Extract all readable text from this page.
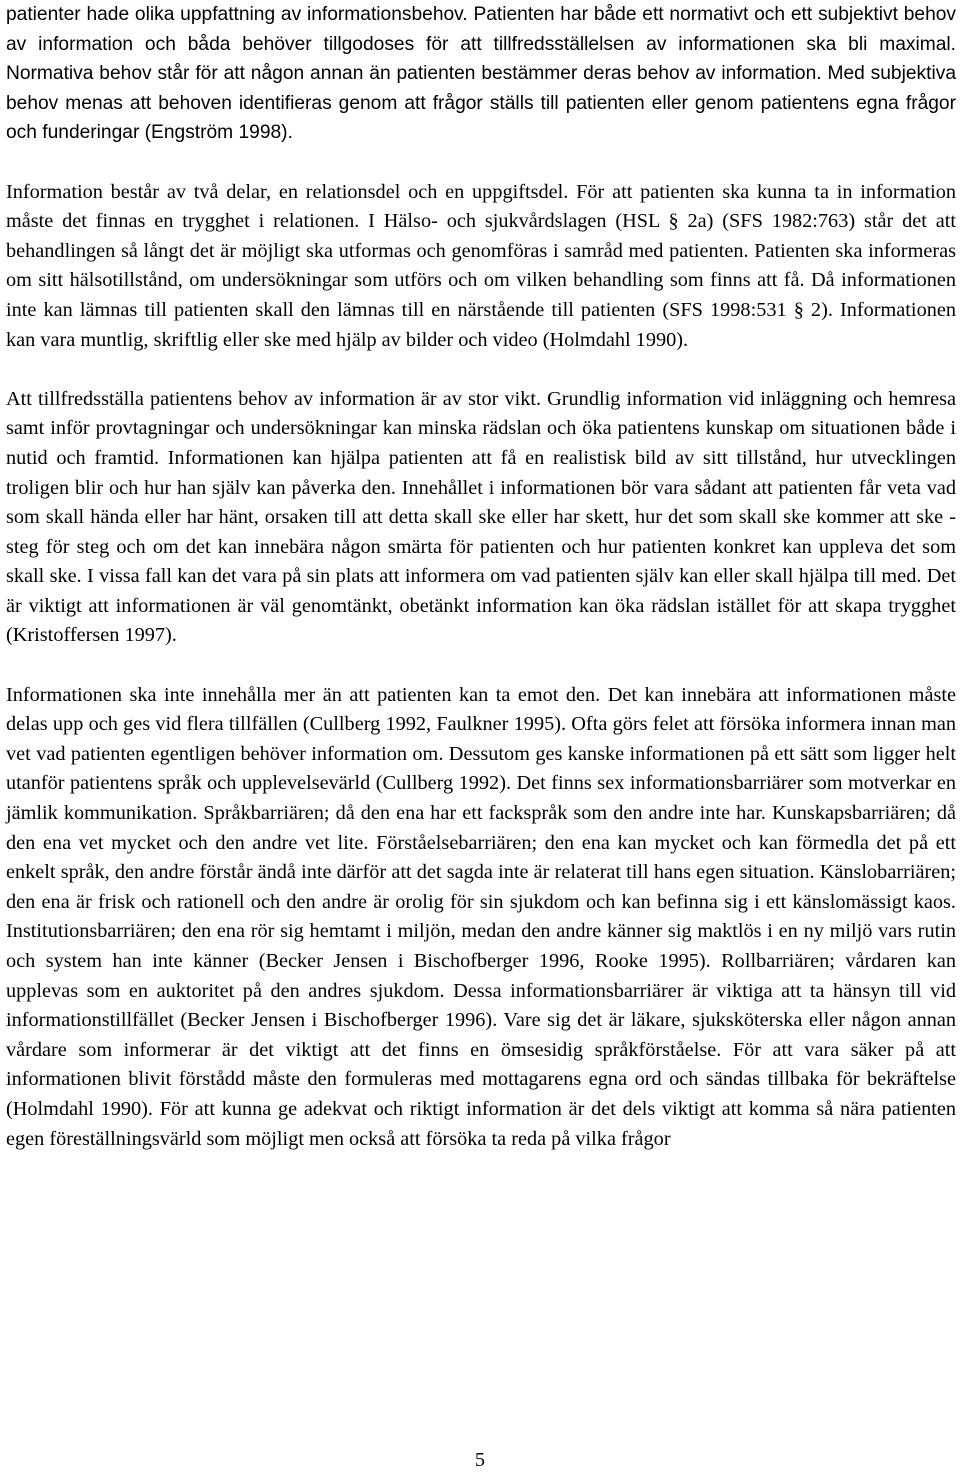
patienter hade olika uppfattning av informationsbehov. Patienten har både ett normativt och ett subjektivt behov av information och båda behöver tillgodoses för att tillfredsställelsen av informationen ska bli maximal. Normativa behov står för att någon annan än patienten bestämmer deras behov av information. Med subjektiva behov menas att behoven identifieras genom att frågor ställs till patienten eller genom patientens egna frågor och funderingar (Engström 1998).

Information består av två delar, en relationsdel och en uppgiftsdel. För att patienten ska kunna ta in information måste det finnas en trygghet i relationen. I Hälso- och sjukvårdslagen (HSL § 2a) (SFS 1982:763) står det att behandlingen så långt det är möjligt ska utformas och genomföras i samråd med patienten. Patienten ska informeras om sitt hälsotillstånd, om undersökningar som utförs och om vilken behandling som finns att få. Då informationen inte kan lämnas till patienten skall den lämnas till en närstående till patienten (SFS 1998:531 § 2). Informationen kan vara muntlig, skriftlig eller ske med hjälp av bilder och video (Holmdahl 1990).

Att tillfredsställa patientens behov av information är av stor vikt. Grundlig information vid inläggning och hemresa samt inför provtagningar och undersökningar kan minska rädslan och öka patientens kunskap om situationen både i nutid och framtid. Informationen kan hjälpa patienten att få en realistisk bild av sitt tillstånd, hur utvecklingen troligen blir och hur han själv kan påverka den. Innehållet i informationen bör vara sådant att patienten får veta vad som skall hända eller har hänt, orsaken till att detta skall ske eller har skett, hur det som skall ske kommer att ske - steg för steg och om det kan innebära någon smärta för patienten och hur patienten konkret kan uppleva det som skall ske. I vissa fall kan det vara på sin plats att informera om vad patienten själv kan eller skall hjälpa till med. Det är viktigt att informationen är väl genomtänkt, obetänkt information kan öka rädslan istället för att skapa trygghet (Kristoffersen 1997).

Informationen ska inte innehålla mer än att patienten kan ta emot den. Det kan innebära att informationen måste delas upp och ges vid flera tillfällen (Cullberg 1992, Faulkner 1995). Ofta görs felet att försöka informera innan man vet vad patienten egentligen behöver information om. Dessutom ges kanske informationen på ett sätt som ligger helt utanför patientens språk och upplevelsevärld (Cullberg 1992). Det finns sex informationsbarriärer som motverkar en jämlik kommunikation. Språkbarriären; då den ena har ett fackspråk som den andre inte har. Kunskapsbarriären; då den ena vet mycket och den andre vet lite. Förståelsebarriären; den ena kan mycket och kan förmedla det på ett enkelt språk, den andre förstår ändå inte därför att det sagda inte är relaterat till hans egen situation. Känslobarriären; den ena är frisk och rationell och den andre är orolig för sin sjukdom och kan befinna sig i ett känslomässigt kaos. Institutionsbarriären; den ena rör sig hemtamt i miljön, medan den andre känner sig maktlös i en ny miljö vars rutin och system han inte känner (Becker Jensen i Bischofberger 1996, Rooke 1995). Rollbarriären; vårdaren kan upplevas som en auktoritet på den andres sjukdom. Dessa informationsbarriärer är viktiga att ta hänsyn till vid informationstillfället (Becker Jensen i Bischofberger 1996). Vare sig det är läkare, sjuksköterska eller någon annan vårdare som informerar är det viktigt att det finns en ömsesidig språkförståelse. För att vara säker på att informationen blivit förstådd måste den formuleras med mottagarens egna ord och sändas tillbaka för bekräftelse (Holmdahl 1990). För att kunna ge adekvat och riktigt information är det dels viktigt att komma så nära patienten egen föreställningsvärld som möjligt men också att försöka ta reda på vilka frågor

5
